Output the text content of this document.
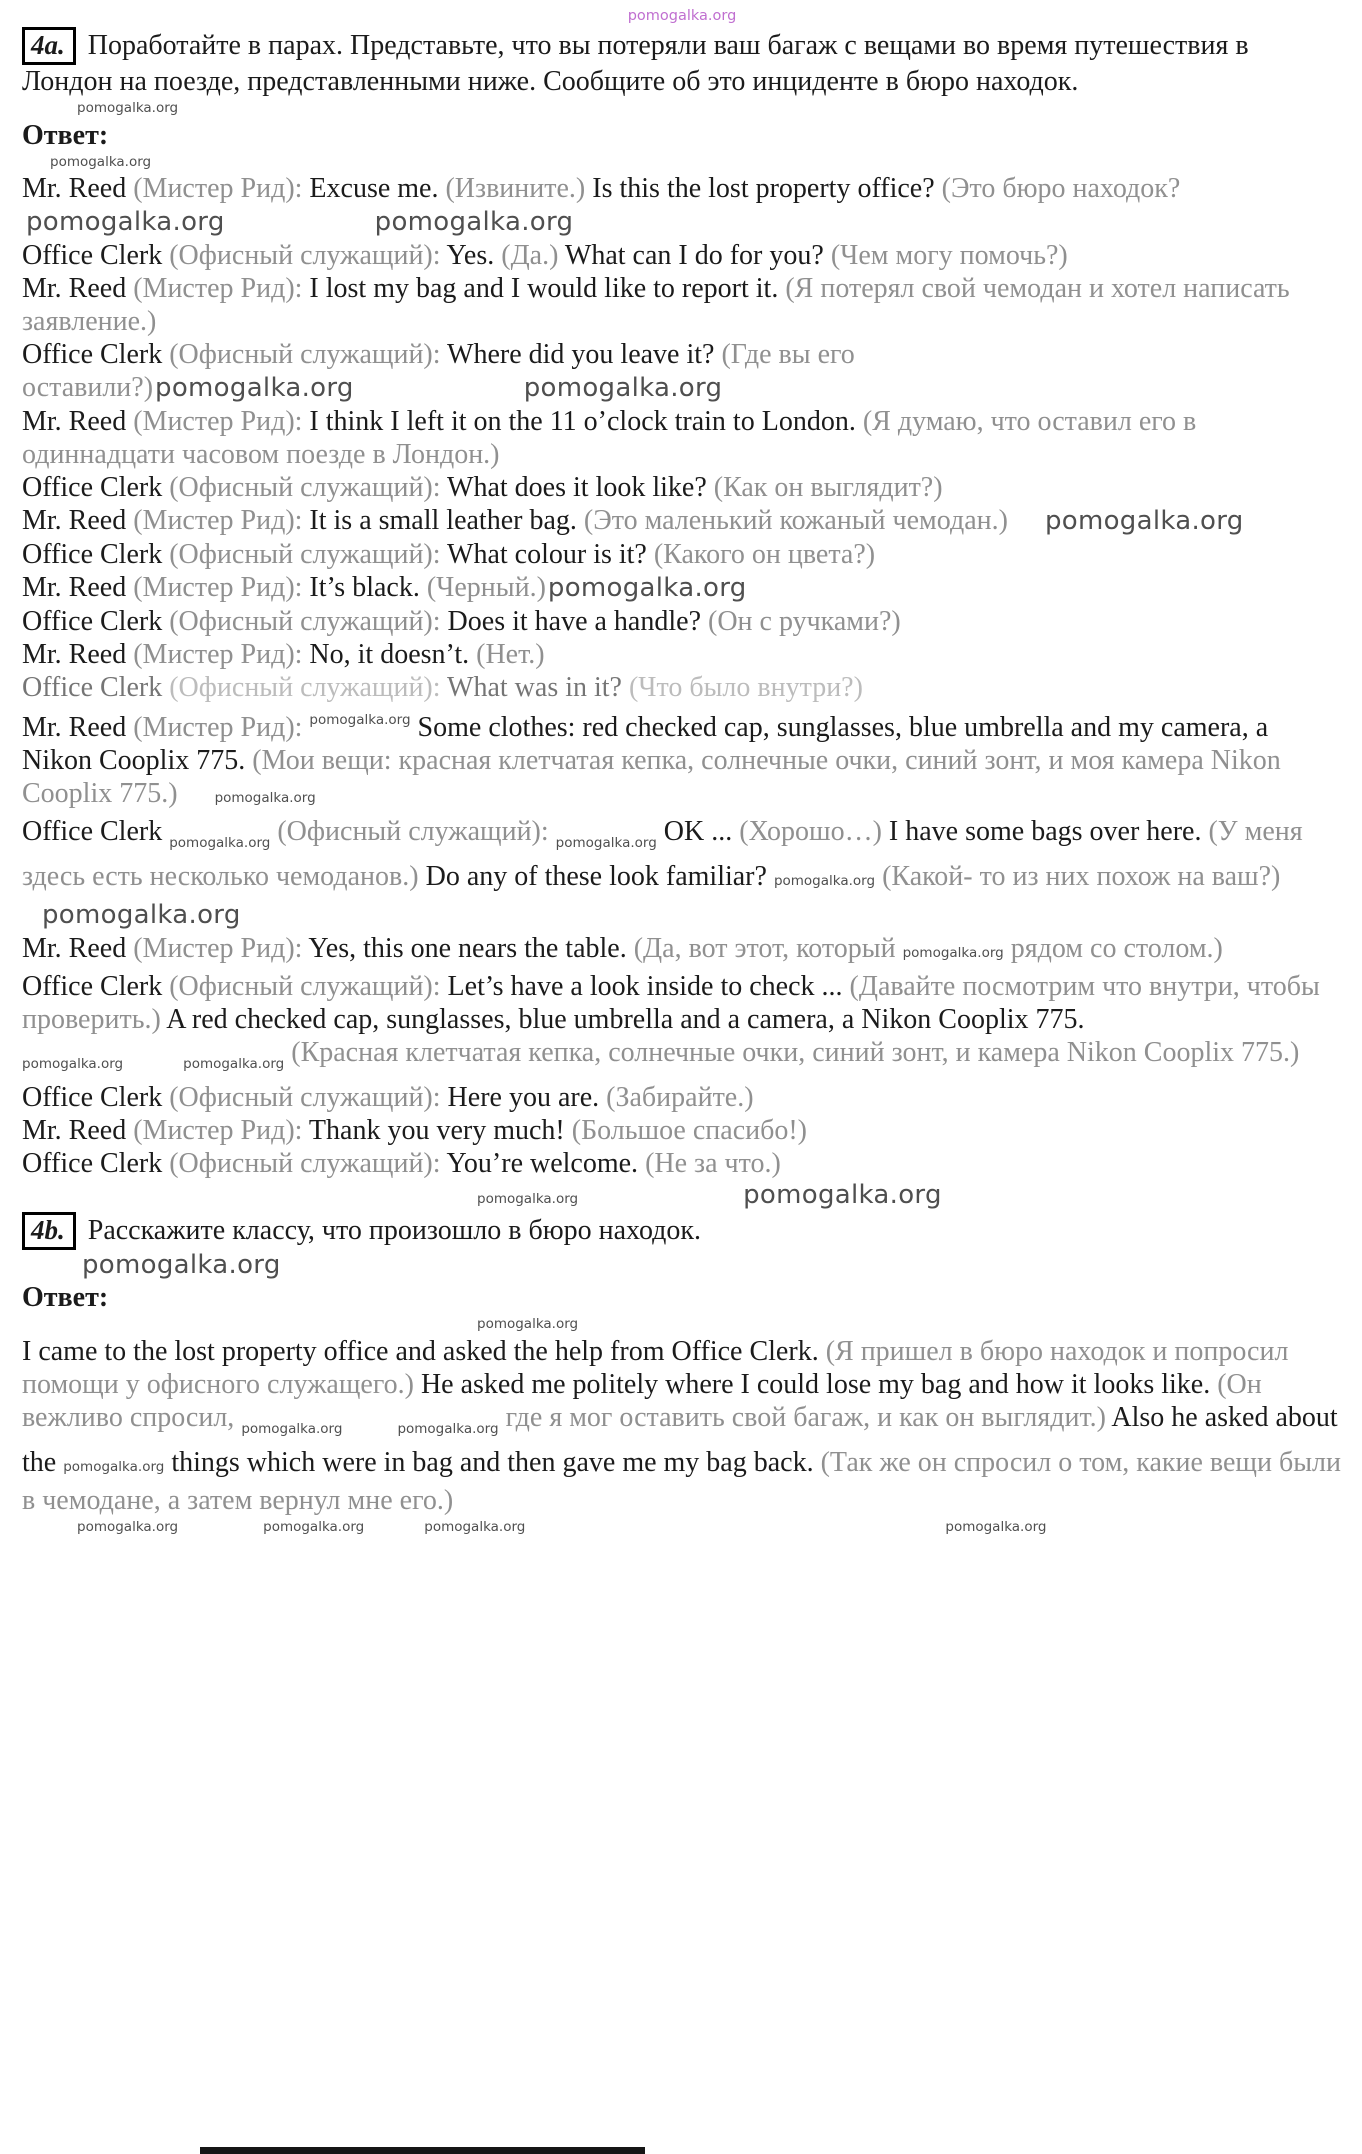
pomogalka.org

4a. Поработайте в парах. Представьте, что вы потеряли ваш багаж с вещами во время путешествия в Лондон на поезде, представленными ниже. Сообщите об это инциденте в бюро находок.

pomogalka.org

Ответ:

pomogalka.org

Mr. Reed (Мистер Рид): Excuse me. (Извините.) Is this the lost property office? (Это бюро находок?pomogalka.org	pomogalka.org

Office Clerk (Офисный служащий): Yes. (Да.) What can I do for you? (Чем могу помочь?)

Mr. Reed (Мистер Рид): I lost my bag and I would like to report it. (Я потерял свой чемодан и хотел написать заявление.)

Office Clerk (Офисный служащий): Where did you leave it? (Где вы его оставили?)pomogalka.org	pomogalka.org

Mr. Reed (Мистер Рид): I think I left it on the 11 o’clock train to London. (Я думаю, что оставил его в одиннадцати часовом поезде в Лондон.)

Office Clerk (Офисный служащий): What does it look like? (Как он выглядит?)

Mr. Reed (Мистер Рид): It is a small leather bag. (Это маленький кожаный чемодан.) pomogalka.org

Office Clerk (Офисный служащий): What colour is it? (Какого он цвета?)

Mr. Reed (Мистер Рид): It’s black. (Черный.)pomogalka.org

Office Clerk (Офисный служащий): Does it have a handle? (Он с ручками?)

Mr. Reed (Мистер Рид): No, it doesn’t. (Нет.)

Office Clerk (Офисный служащий): What was in it? (Что было внутри?)

Mr. Reed (Мистер Рид): $^{pomogalka.org}$ Some clothes: red checked cap, sunglasses, blue umbrella and my camera, a Nikon Cooplix 775. (Мои вещи: красная клетчатая кепка, солнечные очки, синий зонт, и моя камера Nikon Cooplix 775.) pomogalka.org

Office Clerk $_{pomogalka.org}$ (Офисный служащий): $_{pomogalka.org}$ OK ... (Хорошо…) I have some bags over here. (У меня здесь есть несколько чемоданов.) Do any of these look familiar? pomogalka.org (Какой- то из них похож на ваш?) pomogalka.org

Mr. Reed (Мистер Рид): Yes, this one nears the table. (Да, вот этот, который pomogalka.org рядом со столом.)

Office Clerk (Офисный служащий): Let’s have a look inside to check ... (Давайте посмотрим что внутри, чтобы проверить.) A red checked cap, sunglasses, blue umbrella and a camera, a Nikon Cooplix 775. $_{pomogalka.org}$	$_{pomogalka.org}$ (Красная клетчатая кепка, солнечные очки, синий зонт, и камера Nikon Cooplix 775.)

Office Clerk (Офисный служащий): Here you are. (Забирайте.)

Mr. Reed (Мистер Рид): Thank you very much! (Большое спасибо!)

Office Clerk (Офисный служащий): You’re welcome. (Не за что.)

pomogalka.org	pomogalka.org

4b. Расскажите классу, что произошло в бюро находок.

pomogalka.org

Ответ:

pomogalka.org

I came to the lost property office and asked the help from Office Clerk. (Я пришел в бюро находок и попросил помощи у офисного служащего.) He asked me politely where I could lose my bag and how it looks like. (Он вежливо спросил, $_{pomogalka.org}$	$_{pomogalka.org}$ где я мог оставить свой багаж, и как он выглядит.) Also he asked about the pomogalka.org things which were in bag and then gave me my bag back. (Так же он спросил о том, какие вещи были в чемодане, а затем вернул мне его.)

pomogalka.org	pomogalka.org	pomogalka.org	pomogalka.org
